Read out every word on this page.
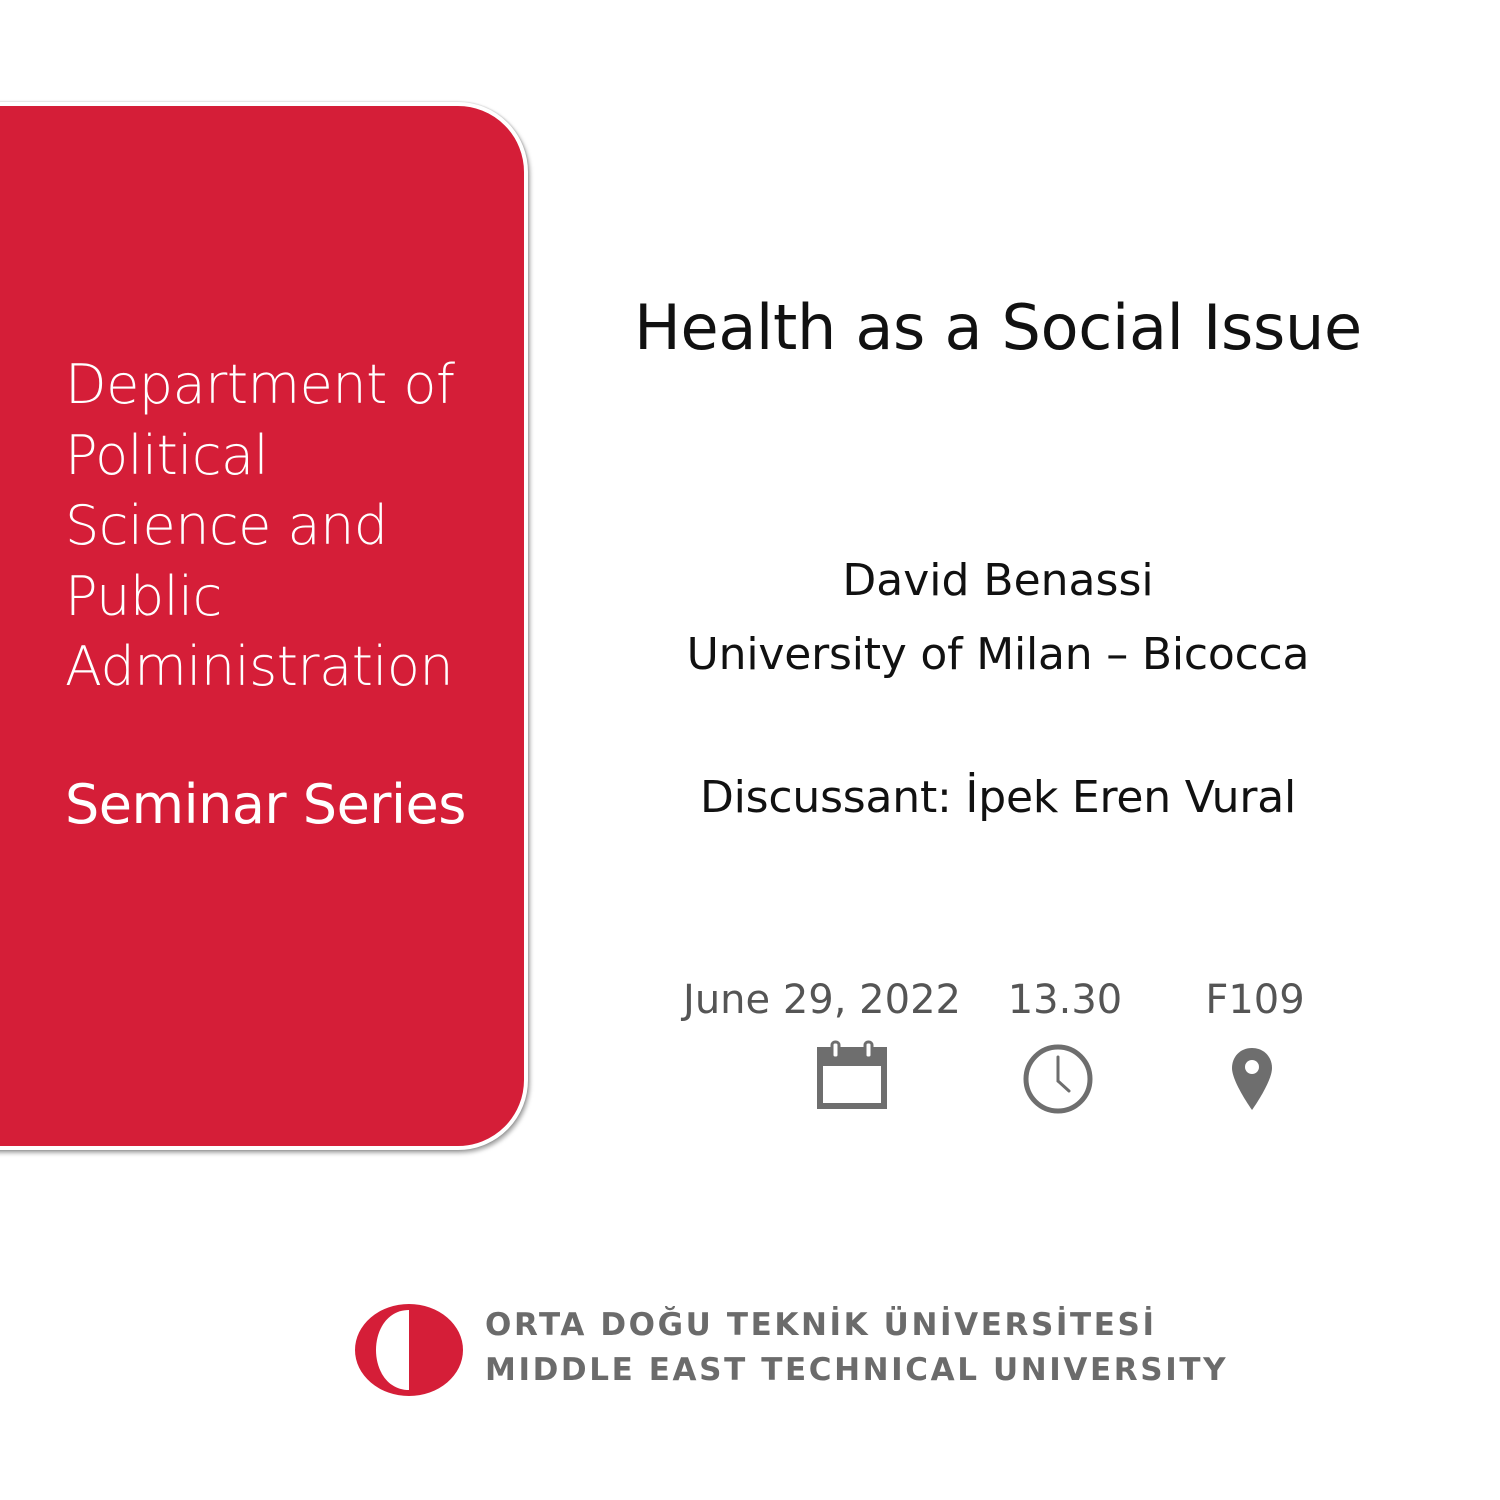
Department of
Political
Science and
Public
Administration
Seminar Series
Health as a Social Issue
David Benassi
University of Milan – Bicocca
Discussant: İpek Eren Vural
June 29, 2022 13.30 F109
ORTA DOĞU TEKNİK ÜNİVERSİTESİ
MIDDLE EAST TECHNICAL UNIVERSITY
